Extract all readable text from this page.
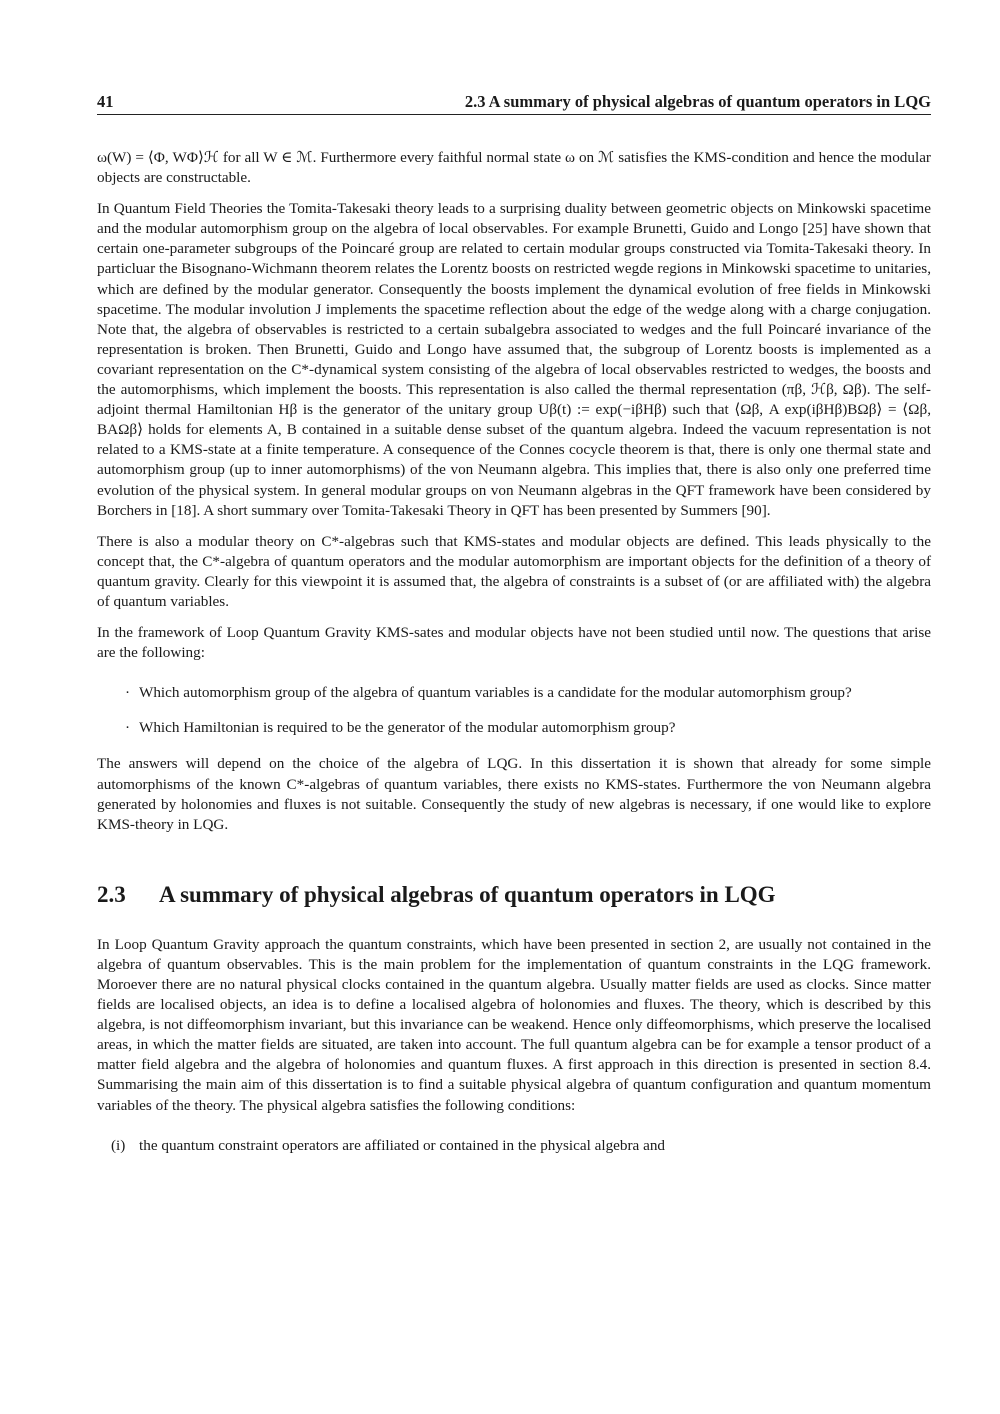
41	2.3 A summary of physical algebras of quantum operators in LQG

ω(W) = ⟨Φ, WΦ⟩ℋ for all W ∈ ℳ. Furthermore every faithful normal state ω on ℳ satisfies the KMS-condition and hence the modular objects are constructable.

In Quantum Field Theories the Tomita-Takesaki theory leads to a surprising duality between geometric objects on Minkowski spacetime and the modular automorphism group on the algebra of local observables. For example Brunetti, Guido and Longo [25] have shown that certain one-parameter subgroups of the Poincaré group are related to certain modular groups constructed via Tomita-Takesaki theory. In particluar the Bisognano-Wichmann theorem relates the Lorentz boosts on restricted wegde regions in Minkowski spacetime to unitaries, which are defined by the modular generator. Consequently the boosts implement the dynamical evolution of free fields in Minkowski spacetime. The modular involution J implements the spacetime reflection about the edge of the wedge along with a charge conjugation. Note that, the algebra of observables is restricted to a certain subalgebra associated to wedges and the full Poincaré invariance of the representation is broken. Then Brunetti, Guido and Longo have assumed that, the subgroup of Lorentz boosts is implemented as a covariant representation on the C*-dynamical system consisting of the algebra of local observables restricted to wedges, the boosts and the automorphisms, which implement the boosts. This representation is also called the thermal representation (πβ, ℋβ, Ωβ). The self-adjoint thermal Hamiltonian Hβ is the generator of the unitary group Uβ(t) := exp(−iβHβ) such that ⟨Ωβ, A exp(iβHβ)BΩβ⟩ = ⟨Ωβ, BAΩβ⟩ holds for elements A, B contained in a suitable dense subset of the quantum algebra. Indeed the vacuum representation is not related to a KMS-state at a finite temperature. A consequence of the Connes cocycle theorem is that, there is only one thermal state and automorphism group (up to inner automorphisms) of the von Neumann algebra. This implies that, there is also only one preferred time evolution of the physical system. In general modular groups on von Neumann algebras in the QFT framework have been considered by Borchers in [18]. A short summary over Tomita-Takesaki Theory in QFT has been presented by Summers [90].

There is also a modular theory on C*-algebras such that KMS-states and modular objects are defined. This leads physically to the concept that, the C*-algebra of quantum operators and the modular automorphism are important objects for the definition of a theory of quantum gravity. Clearly for this viewpoint it is assumed that, the algebra of constraints is a subset of (or are affiliated with) the algebra of quantum variables.

In the framework of Loop Quantum Gravity KMS-sates and modular objects have not been studied until now. The questions that arise are the following:

· Which automorphism group of the algebra of quantum variables is a candidate for the modular automorphism group?
· Which Hamiltonian is required to be the generator of the modular automorphism group?

The answers will depend on the choice of the algebra of LQG. In this dissertation it is shown that already for some simple automorphisms of the known C*-algebras of quantum variables, there exists no KMS-states. Furthermore the von Neumann algebra generated by holonomies and fluxes is not suitable. Consequently the study of new algebras is necessary, if one would like to explore KMS-theory in LQG.

2.3 A summary of physical algebras of quantum operators in LQG

In Loop Quantum Gravity approach the quantum constraints, which have been presented in section 2, are usually not contained in the algebra of quantum observables. This is the main problem for the implementation of quantum constraints in the LQG framework. Moroever there are no natural physical clocks contained in the quantum algebra. Usually matter fields are used as clocks. Since matter fields are localised objects, an idea is to define a localised algebra of holonomies and fluxes. The theory, which is described by this algebra, is not diffeomorphism invariant, but this invariance can be weakend. Hence only diffeomorphisms, which preserve the localised areas, in which the matter fields are situated, are taken into account. The full quantum algebra can be for example a tensor product of a matter field algebra and the algebra of holonomies and quantum fluxes. A first approach in this direction is presented in section 8.4. Summarising the main aim of this dissertation is to find a suitable physical algebra of quantum configuration and quantum momentum variables of the theory. The physical algebra satisfies the following conditions:

(i) the quantum constraint operators are affiliated or contained in the physical algebra and
